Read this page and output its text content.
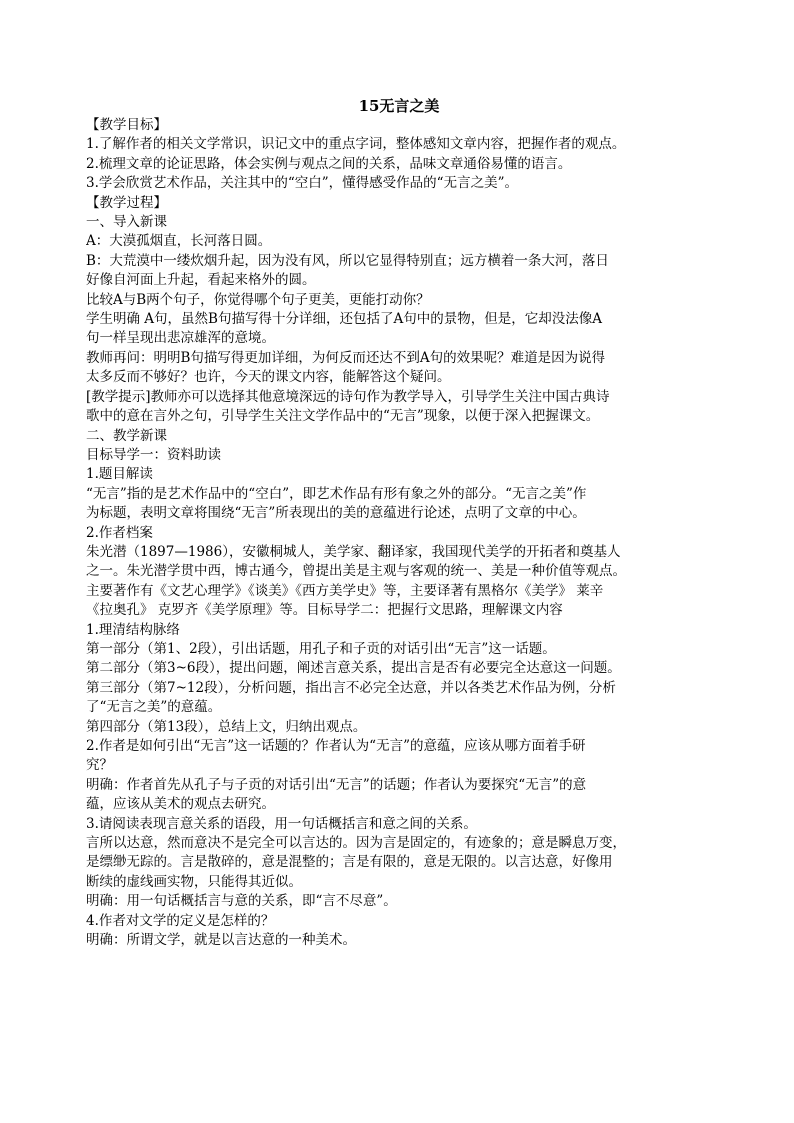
15无言之美
【教学目标】
1.了解作者的相关文学常识，识记文中的重点字词，整体感知文章内容，把握作者的观点。
2.梳理文章的论证思路，体会实例与观点之间的关系，品味文章通俗易懂的语言。
3.学会欣赏艺术作品，关注其中的“空白”，懂得感受作品的“无言之美”。
【教学过程】
一、导入新课
A：大漠孤烟直，长河落日圆。
B：大荒漠中一缕炊烟升起，因为没有风，所以它显得特别直；远方横着一条大河，落日
好像自河面上升起，看起来格外的圆。
比较A与B两个句子，你觉得哪个句子更美，更能打动你？
学生明确 A句，虽然B句描写得十分详细，还包括了A句中的景物，但是，它却没法像A
句一样呈现出悲凉雄浑的意境。
教师再问：明明B句描写得更加详细，为何反而还达不到A句的效果呢？难道是因为说得
太多反而不够好？也许，今天的课文内容，能解答这个疑问。
[教学提示]教师亦可以选择其他意境深远的诗句作为教学导入，引导学生关注中国古典诗
歌中的意在言外之句，引导学生关注文学作品中的“无言”现象，以便于深入把握课文。
二、教学新课
目标导学一：资料助读
1.题目解读
“无言”指的是艺术作品中的“空白”，即艺术作品有形有象之外的部分。“无言之美”作
为标题，表明文章将围绕“无言”所表现出的美的意蕴进行论述，点明了文章的中心。
2.作者档案
朱光潜（1897—1986），安徽桐城人，美学家、翻译家，我国现代美学的开拓者和奠基人
之一。朱光潜学贯中西，博古通今，曾提出美是主观与客观的统一、美是一种价值等观点。
主要著作有《文艺心理学》《谈美》《西方美学史》等，主要译著有黑格尔《美学》 莱辛
《拉奥孔》 克罗齐《美学原理》等。目标导学二：把握行文思路，理解课文内容
1.理清结构脉络
第一部分（第1、2段），引出话题，用孔子和子贡的对话引出“无言”这一话题。
第二部分（第3~6段），提出问题，阐述言意关系，提出言是否有必要完全达意这一问题。
第三部分（第7~12段），分析问题，指出言不必完全达意，并以各类艺术作品为例，分析
了“无言之美”的意蕴。
第四部分（第13段），总结上文，归纳出观点。
2.作者是如何引出“无言”这一话题的？作者认为“无言”的意蕴，应该从哪方面着手研
究？
明确：作者首先从孔子与子贡的对话引出“无言”的话题；作者认为要探究“无言”的意
蕴，应该从美术的观点去研究。
3.请阅读表现言意关系的语段，用一句话概括言和意之间的关系。
言所以达意，然而意决不是完全可以言达的。因为言是固定的，有迹象的；意是瞬息万变，
是缥缈无踪的。言是散碎的，意是混整的；言是有限的，意是无限的。以言达意，好像用
断续的虚线画实物，只能得其近似。
明确：用一句话概括言与意的关系，即“言不尽意”。
4.作者对文学的定义是怎样的？
明确：所谓文学，就是以言达意的一种美术。
